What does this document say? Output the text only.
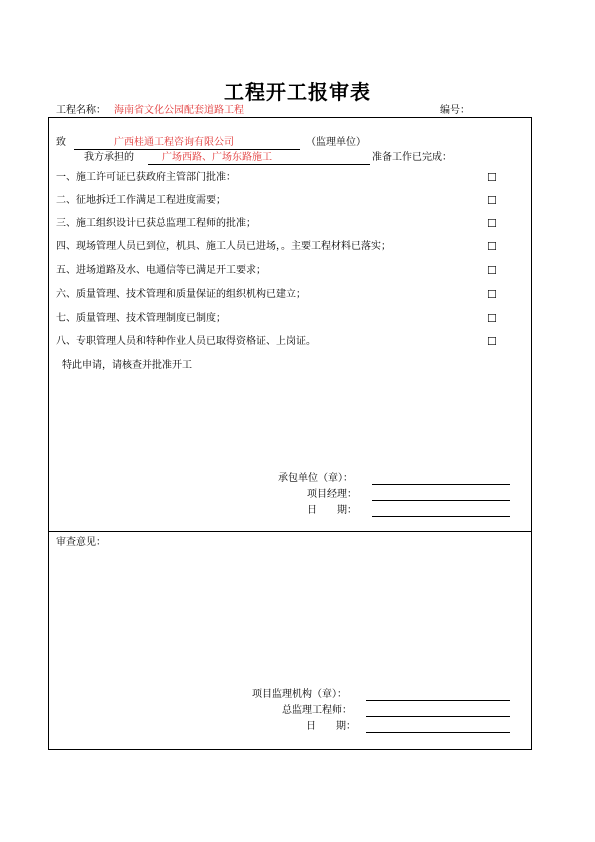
工程开工报审表
工程名称： 海南省文化公园配套道路工程	编号：
致	广西桂通工程咨询有限公司	（监理单位）
我方承担的	广场西路、广场东路施工	准备工作已完成：
一、施工许可证已获政府主管部门批准：	☐
二、征地拆迁工作满足工程进度需要；	☐
三、施工组织设计已获总监理工程师的批准；	☐
四、现场管理人员已到位，机具、施工人员已进场，。主要工程材料已落实；	☐
五、进场道路及水、电通信等已满足开工要求；	☐
六、质量管理、技术管理和质量保证的组织机构已建立；	☐
七、质量管理、技术管理制度已制度；	☐
八、专职管理人员和特种作业人员已取得资格证、上岗证。	☐
特此申请，请核查并批准开工
承包单位（章）：
项目经理：
日　　期：
审查意见：
项目监理机构（章）：
总监理工程师：
日　　期：
